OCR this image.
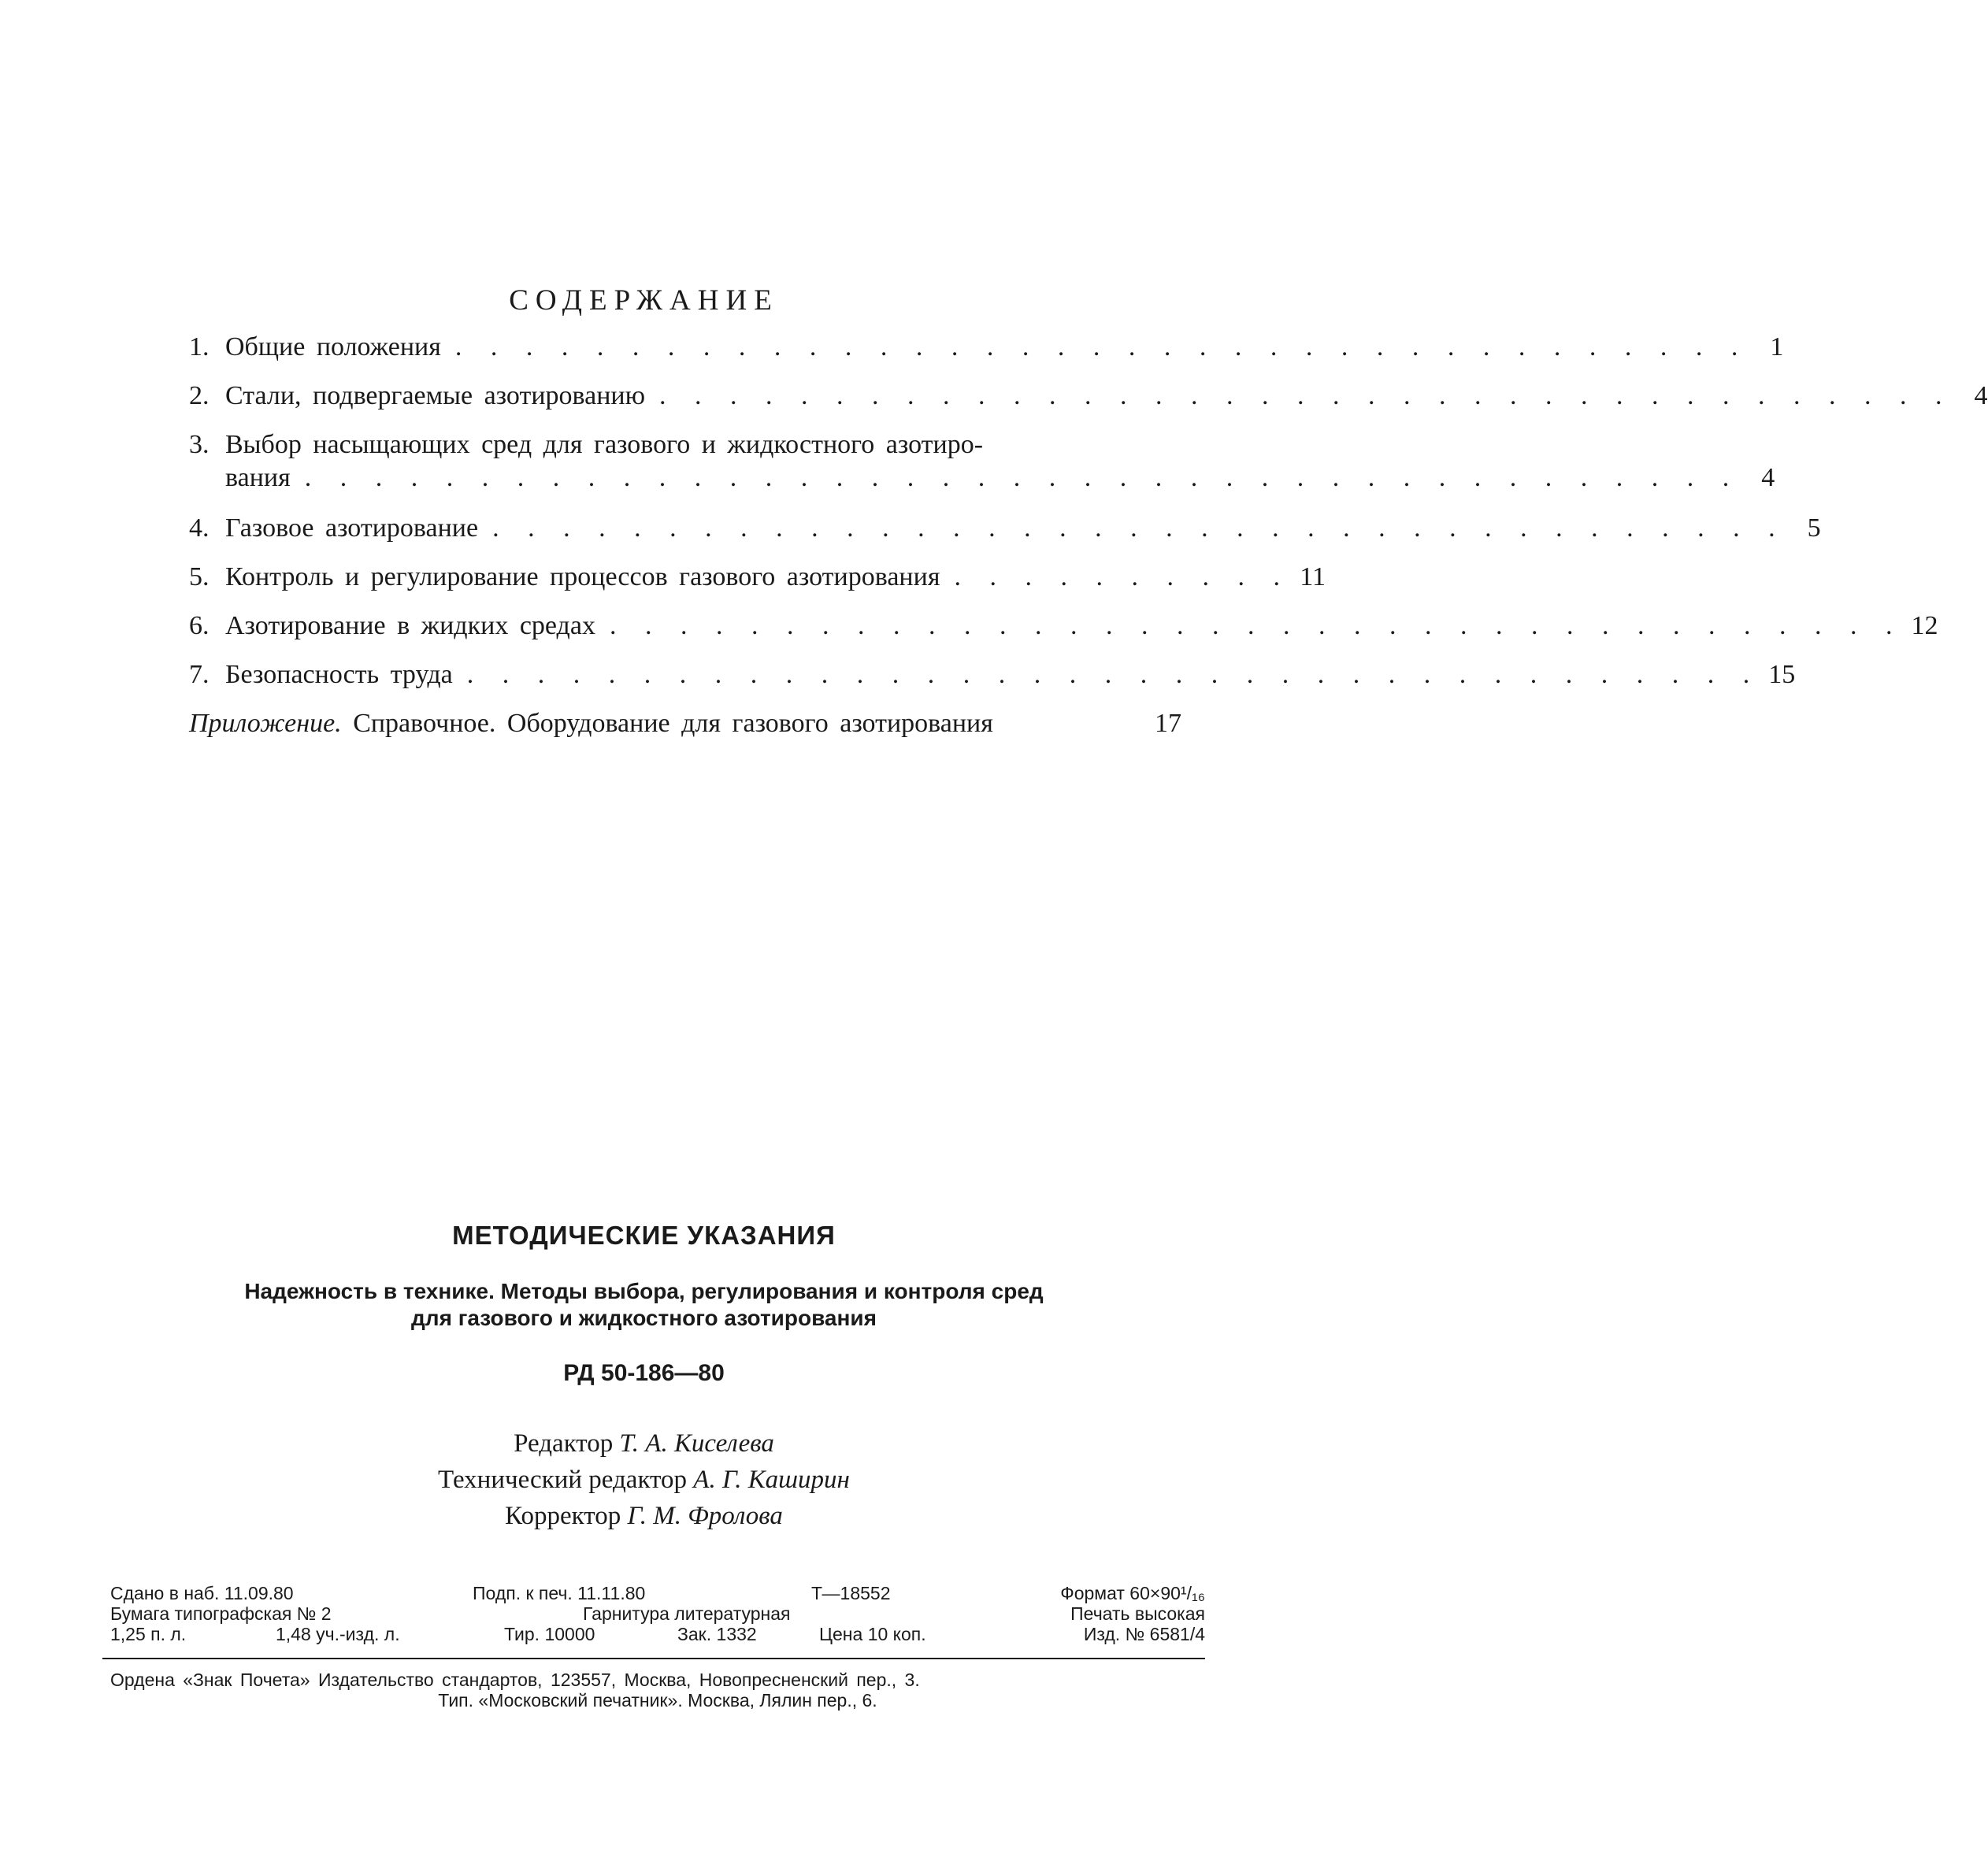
СОДЕРЖАНИЕ
1. Общие положения . . . . . . . . . . . . . . . . . . . . . . . . . . . . . . . . . . . . . 1
2. Стали, подвергаемые азотированию . . . . . . . . . . . . . . . . . . . . . . . . . . . . . . . . . . . . . 4
3. Выбор насыщающих сред для газового и жидкостного азотиро-
вания . . . . . . . . . . . . . . . . . . . . . . . . . . . . . . . . . . . . . . . . . 4
4. Газовое азотирование . . . . . . . . . . . . . . . . . . . . . . . . . . . . . . . . . . . . . 5
5. Контроль и регулирование процессов газового азотирования . . . . . . . . . . 11
6. Азотирование в жидких средах . . . . . . . . . . . . . . . . . . . . . . . . . . . . . . . . . . . . . 12
7. Безопасность труда . . . . . . . . . . . . . . . . . . . . . . . . . . . . . . . . . . . . . 15
Приложение. Справочное. Оборудование для газового азотирования	17
МЕТОДИЧЕСКИЕ УКАЗАНИЯ
Надежность в технике. Методы выбора, регулирования и контроля сред
для газового и жидкостного азотирования
РД 50-186—80
Редактор Т. А. Киселева
Технический редактор А. Г. Каширин
Корректор Г. М. Фролова
Сдано в наб. 11.09.80	Подп. к печ. 11.11.80	Т—18552	Формат 60×90¹/₁₆
Бумага типографская № 2	Гарнитура литературная	Печать высокая
1,25 п. л.	1,48 уч.-изд. л.	Тир. 10000	Зак. 1332	Цена 10 коп.	Изд. № 6581/4
Ордена «Знак Почета» Издательство стандартов, 123557, Москва, Новопресненский пер., 3.
Тип. «Московский печатник». Москва, Лялин пер., 6.
